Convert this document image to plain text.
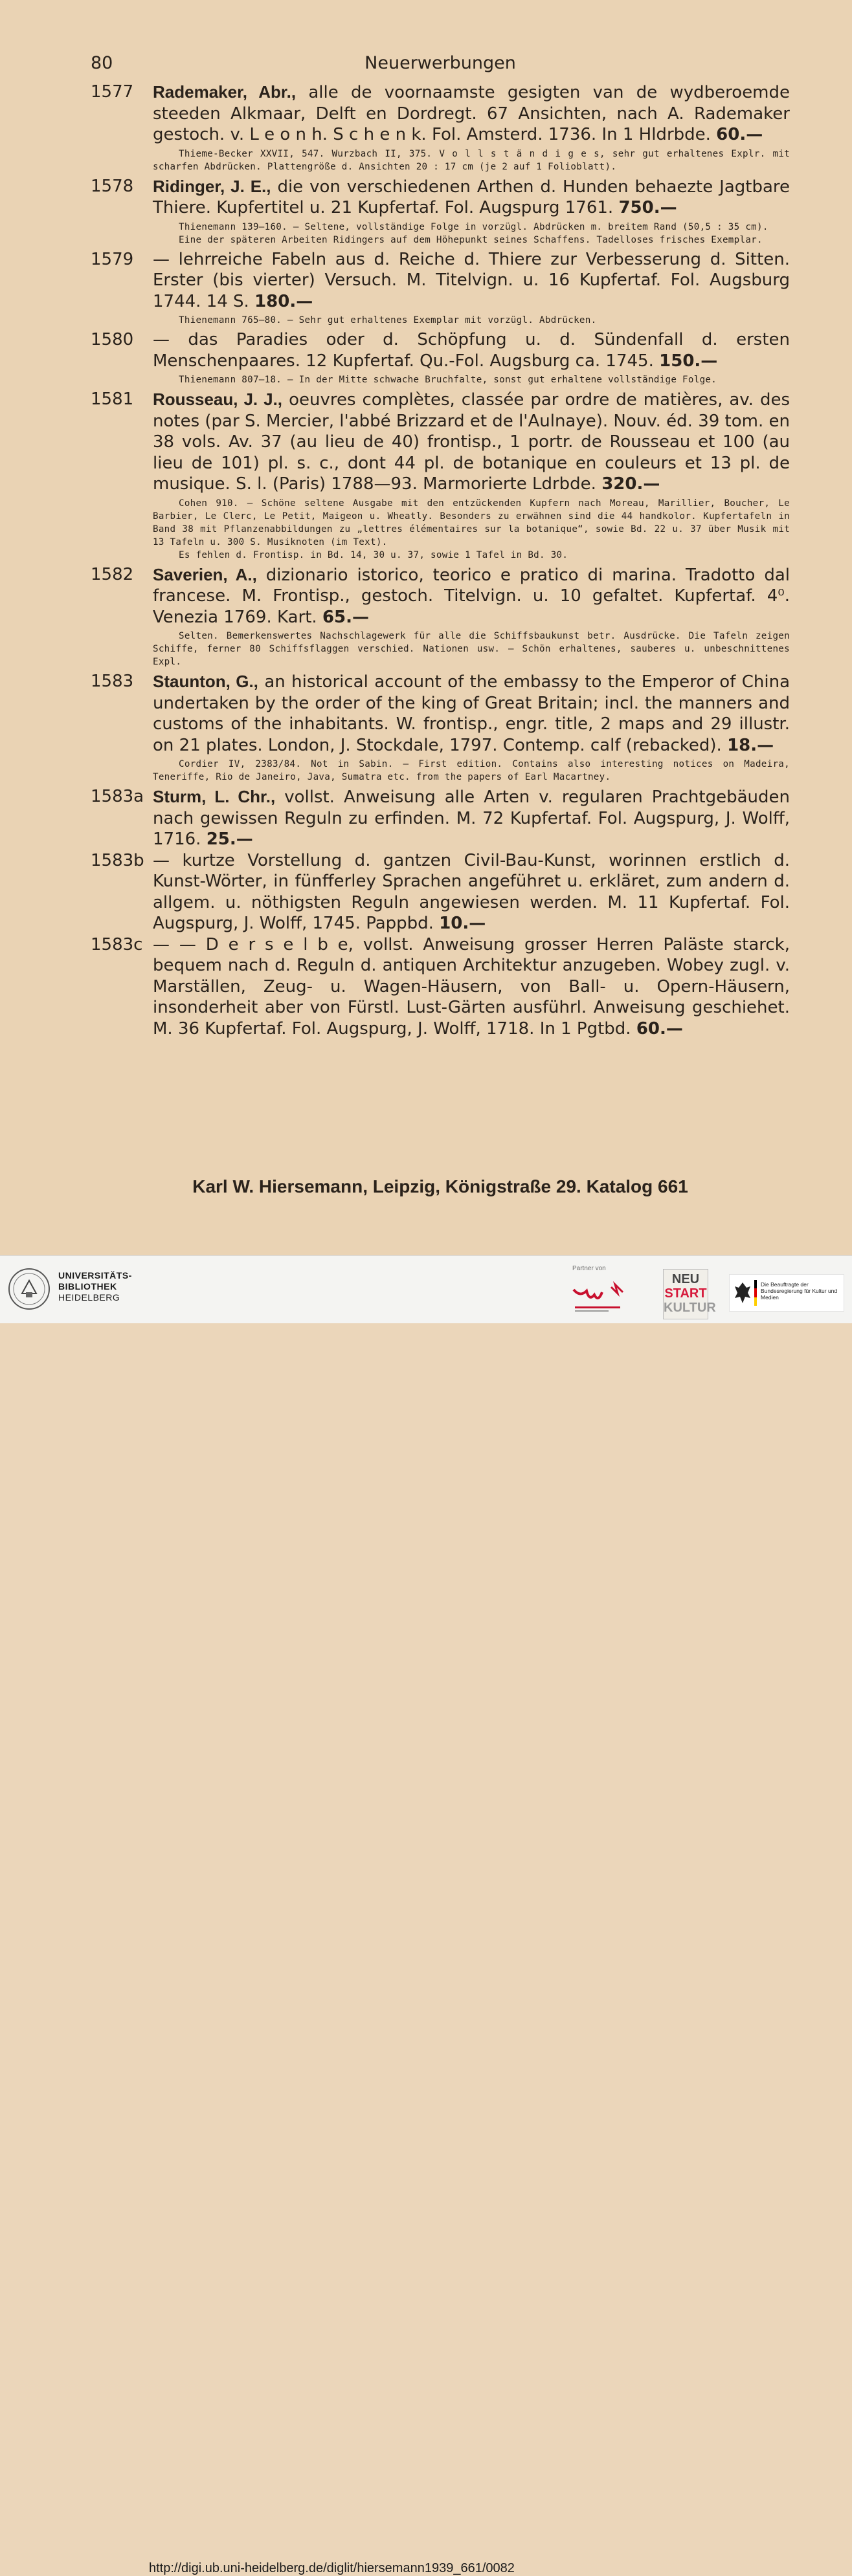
80	Neuerwerbungen
1577	Rademaker, Abr., alle de voornaamste gesigten van de wydberoemde steeden Alkmaar, Delft en Dordregt. 67 Ansichten, nach A. Rademaker gestoch. v. L e o n h. S c h e n k. Fol. Amsterd. 1736. In 1 Hldrbde. 60.—
Thieme-Becker XXVII, 547. Wurzbach II, 375. V o l l s t ä n d i g e s, sehr gut erhaltenes Explr. mit scharfen Abdrücken. Plattengröße d. Ansichten 20 : 17 cm (je 2 auf 1 Folioblatt).
1578	Ridinger, J. E., die von verschiedenen Arthen d. Hunden behaezte Jagtbare Thiere. Kupfertitel u. 21 Kupfertaf. Fol. Augspurg 1761. 750.—
Thienemann 139—160. — Seltene, vollständige Folge in vorzügl. Abdrücken m. breitem Rand (50,5 : 35 cm).
Eine der späteren Arbeiten Ridingers auf dem Höhepunkt seines Schaffens. Tadelloses frisches Exemplar.
1579	— lehrreiche Fabeln aus d. Reiche d. Thiere zur Verbesserung d. Sitten. Erster (bis vierter) Versuch. M. Titelvign. u. 16 Kupfertaf. Fol. Augsburg 1744. 14 S. 180.—
Thienemann 765—80. — Sehr gut erhaltenes Exemplar mit vorzügl. Abdrücken.
1580	— das Paradies oder d. Schöpfung u. d. Sündenfall d. ersten Menschenpaares. 12 Kupfertaf. Qu.-Fol. Augsburg ca. 1745. 150.—
Thienemann 807—18. — In der Mitte schwache Bruchfalte, sonst gut erhaltene vollständige Folge.
1581	Rousseau, J. J., oeuvres complètes, classée par ordre de matières, av. des notes (par S. Mercier, l'abbé Brizzard et de l'Aulnaye). Nouv. éd. 39 tom. en 38 vols. Av. 37 (au lieu de 40) frontisp., 1 portr. de Rousseau et 100 (au lieu de 101) pl. s. c., dont 44 pl. de botanique en couleurs et 13 pl. de musique. S. l. (Paris) 1788—93. Marmorierte Ldrbde. 320.—
Cohen 910. — Schöne seltene Ausgabe mit den entzückenden Kupfern nach Moreau, Marillier, Boucher, Le Barbier, Le Clerc, Le Petit, Maigeon u. Wheatly. Besonders zu erwähnen sind die 44 handkolor. Kupfertafeln in Band 38 mit Pflanzenabbildungen zu „lettres élémentaires sur la botanique“, sowie Bd. 22 u. 37 über Musik mit 13 Tafeln u. 300 S. Musiknoten (im Text).
Es fehlen d. Frontisp. in Bd. 14, 30 u. 37, sowie 1 Tafel in Bd. 30.
1582	Saverien, A., dizionario istorico, teorico e pratico di marina. Tradotto dal francese. M. Frontisp., gestoch. Titelvign. u. 10 gefaltet. Kupfertaf. 4⁰. Venezia 1769. Kart. 65.—
Selten. Bemerkenswertes Nachschlagewerk für alle die Schiffsbaukunst betr. Ausdrücke. Die Tafeln zeigen Schiffe, ferner 80 Schiffsflaggen verschied. Nationen usw. — Schön erhaltenes, sauberes u. unbeschnittenes Expl.
1583	Staunton, G., an historical account of the embassy to the Emperor of China undertaken by the order of the king of Great Britain; incl. the manners and customs of the inhabitants. W. frontisp., engr. title, 2 maps and 29 illustr. on 21 plates. London, J. Stockdale, 1797. Contemp. calf (rebacked). 18.—
Cordier IV, 2383/84. Not in Sabin. — First edition. Contains also interesting notices on Madeira, Teneriffe, Rio de Janeiro, Java, Sumatra etc. from the papers of Earl Macartney.
1583a Sturm, L. Chr., vollst. Anweisung alle Arten v. regularen Prachtgebäuden nach gewissen Reguln zu erfinden. M. 72 Kupfertaf. Fol. Augspurg, J. Wolff, 1716. 25.—
1583b — kurtze Vorstellung d. gantzen Civil-Bau-Kunst, worinnen erstlich d. Kunst-Wörter, in fünfferley Sprachen angeführet u. erkläret, zum andern d. allgem. u. nöthigsten Reguln angewiesen werden. M. 11 Kupfertaf. Fol. Augspurg, J. Wolff, 1745. Pappbd. 10.—
1583c — — D e r s e l b e, vollst. Anweisung grosser Herren Paläste starck, bequem nach d. Reguln d. antiquen Architektur anzugeben. Wobey zugl. v. Marställen, Zeug- u. Wagen-Häusern, von Ball- u. Opern-Häusern, insonderheit aber von Fürstl. Lust-Gärten ausführl. Anweisung geschiehet. M. 36 Kupfertaf. Fol. Augspurg, J. Wolff, 1718. In 1 Pgtbd. 60.—
Karl W. Hiersemann, Leipzig, Königstraße 29. Katalog 661
UNIVERSITÄTS-
BIBLIOTHEK
HEIDELBERG
Partner von
NEU
START
KULTUR
Die Beauftragte der Bundesregierung für Kultur und Medien
http://digi.ub.uni-heidelberg.de/diglit/hiersemann1939_661/0082
